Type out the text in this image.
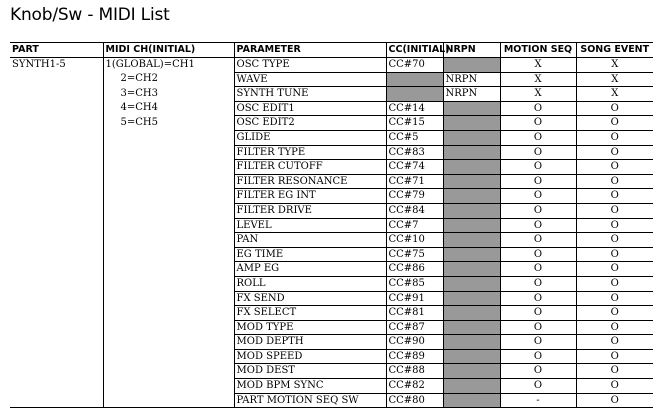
Knob/Sw - MIDI List
PART	MIDI CH(INITIAL)	PARAMETER	CC(INITIAL)	NRPN	MOTION SEQ	SONG EVENT
SYNTH1-5	1(GLOBAL)=CH1	OSC TYPE	CC#70		X	X
	2=CH2	WAVE		NRPN	X	X
	3=CH3	SYNTH TUNE		NRPN	X	X
	4=CH4	OSC EDIT1	CC#14		O	O
	5=CH5	OSC EDIT2	CC#15		O	O
		GLIDE	CC#5		O	O
		FILTER TYPE	CC#83		O	O
		FILTER CUTOFF	CC#74		O	O
		FILTER RESONANCE	CC#71		O	O
		FILTER EG INT	CC#79		O	O
		FILTER DRIVE	CC#84		O	O
		LEVEL	CC#7		O	O
		PAN	CC#10		O	O
		EG TIME	CC#75		O	O
		AMP EG	CC#86		O	O
		ROLL	CC#85		O	O
		FX SEND	CC#91		O	O
		FX SELECT	CC#81		O	O
		MOD TYPE	CC#87		O	O
		MOD DEPTH	CC#90		O	O
		MOD SPEED	CC#89		O	O
		MOD DEST	CC#88		O	O
		MOD BPM SYNC	CC#82		O	O
		PART MOTION SEQ SW	CC#80		-	O
